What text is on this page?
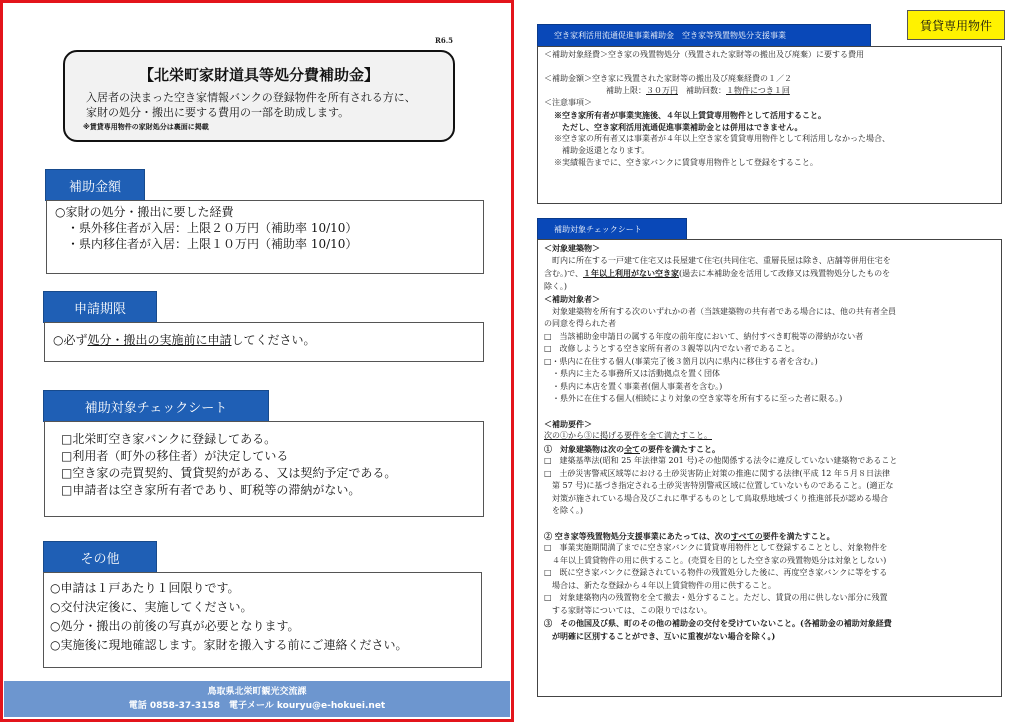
R6.5
【北栄町家財道具等処分費補助金】
入居者の決まった空き家情報バンクの登録物件を所有される方に、
家財の処分・搬出に要する費用の一部を助成します。
※賃貸専用物件の家財処分は裏面に掲載
補助金額
○家財の処分・搬出に要した経費
　・県外移住者が入居：上限２０万円（補助率 10/10）
　・県内移住者が入居：上限１０万円（補助率 10/10）
申請期限
○必ず処分・搬出の実施前に申請してください。
補助対象チェックシート
□北栄町空き家バンクに登録してある。
□利用者（町外の移住者）が決定している
□空き家の売買契約、賃貸契約がある、又は契約予定である。
□申請者は空き家所有者であり、町税等の滞納がない。
その他
○申請は１戸あたり１回限りです。
○交付決定後に、実施してください。
○処分・搬出の前後の写真が必要となります。
○実施後に現地確認します。家財を搬入する前にご連絡ください。
鳥取県北栄町観光交流課
電話 0858-37-3158　電子メール kouryu@e-hokuei.net
賃貸専用物件
空き家利活用流通促進事業補助金　空き家等残置物処分支援事業
＜補助対象経費＞空き家の残置物処分（残置された家財等の搬出及び廃棄）に要する費用
＜補助金額＞空き家に残置された家財等の搬出及び廃棄経費の１／２
補助上限：３０万円　補助回数：１物件につき１回
＜注意事項＞
※空き家所有者が事業実施後、４年以上賃貸専用物件として活用すること。
　ただし、空き家利活用流通促進事業補助金とは併用はできません。
※空き家の所有者又は事業者が４年以上空き家を賃貸専用物件として利活用しなかった場合、
　補助金返還となります。
※実績報告までに、空き家バンクに賃貸専用物件として登録をすること。
補助対象チェックシート
＜対象建築物＞
　町内に所在する一戸建て住宅又は長屋建て住宅(共同住宅、重層長屋は除き、店舗等併用住宅を
含む。)で、１年以上利用がない空き家(過去に本補助金を活用して改修又は残置物処分したものを
除く。)
＜補助対象者＞
　対象建築物を所有する次のいずれかの者（当該建築物の共有者である場合には、他の共有者全員
の同意を得られた者
□　当該補助金申請日の属する年度の前年度において、納付すべき町税等の滞納がない者
□　改修しようとする空き家所有者の３親等以内でない者であること。
□・県内に在住する個人(事業完了後３箇月以内に県内に移住する者を含む。)
　・県内に主たる事務所又は活動拠点を置く団体
　・県内に本店を置く事業者(個人事業者を含む。)
　・県外に在住する個人(相続により対象の空き家等を所有するに至った者に限る。)
＜補助要件＞
次の①から③に掲げる要件を全て満たすこと。
①　対象建築物は次の全ての要件を満たすこと。
□　建築基準法(昭和 25 年法律第 201 号)その他関係する法令に違反していない建築物であること
□　土砂災害警戒区域等における土砂災害防止対策の推進に関する法律(平成 12 年５月８日法律
　第 57 号)に基づき指定される土砂災害特別警戒区域に位置していないものであること。(適正な
　対策が施されている場合及びこれに準ずるものとして鳥取県地域づくり推進部長が認める場合
　を除く。)
② 空き家等残置物処分支援事業にあたっては、次のすべての要件を満たすこと。
□　事業実施期間満了までに空き家バンクに賃貸専用物件として登録することとし、対象物件を
　４年以上賃貸物件の用に供すること。(売買を目的とした空き家の残置物処分は対象としない)
□　既に空き家バンクに登録されている物件の残置処分した後に、再度空き家バンクに等をする
　場合は、新たな登録から４年以上賃貸物件の用に供すること。
□　対象建築物内の残置物を全て撤去・処分すること。ただし、賃貸の用に供しない部分に残置
　する家財等については、この限りではない。
③　その他国及び県、町のその他の補助金の交付を受けていないこと。(各補助金の補助対象経費
　が明確に区別することができ、互いに重複がない場合を除く。)
